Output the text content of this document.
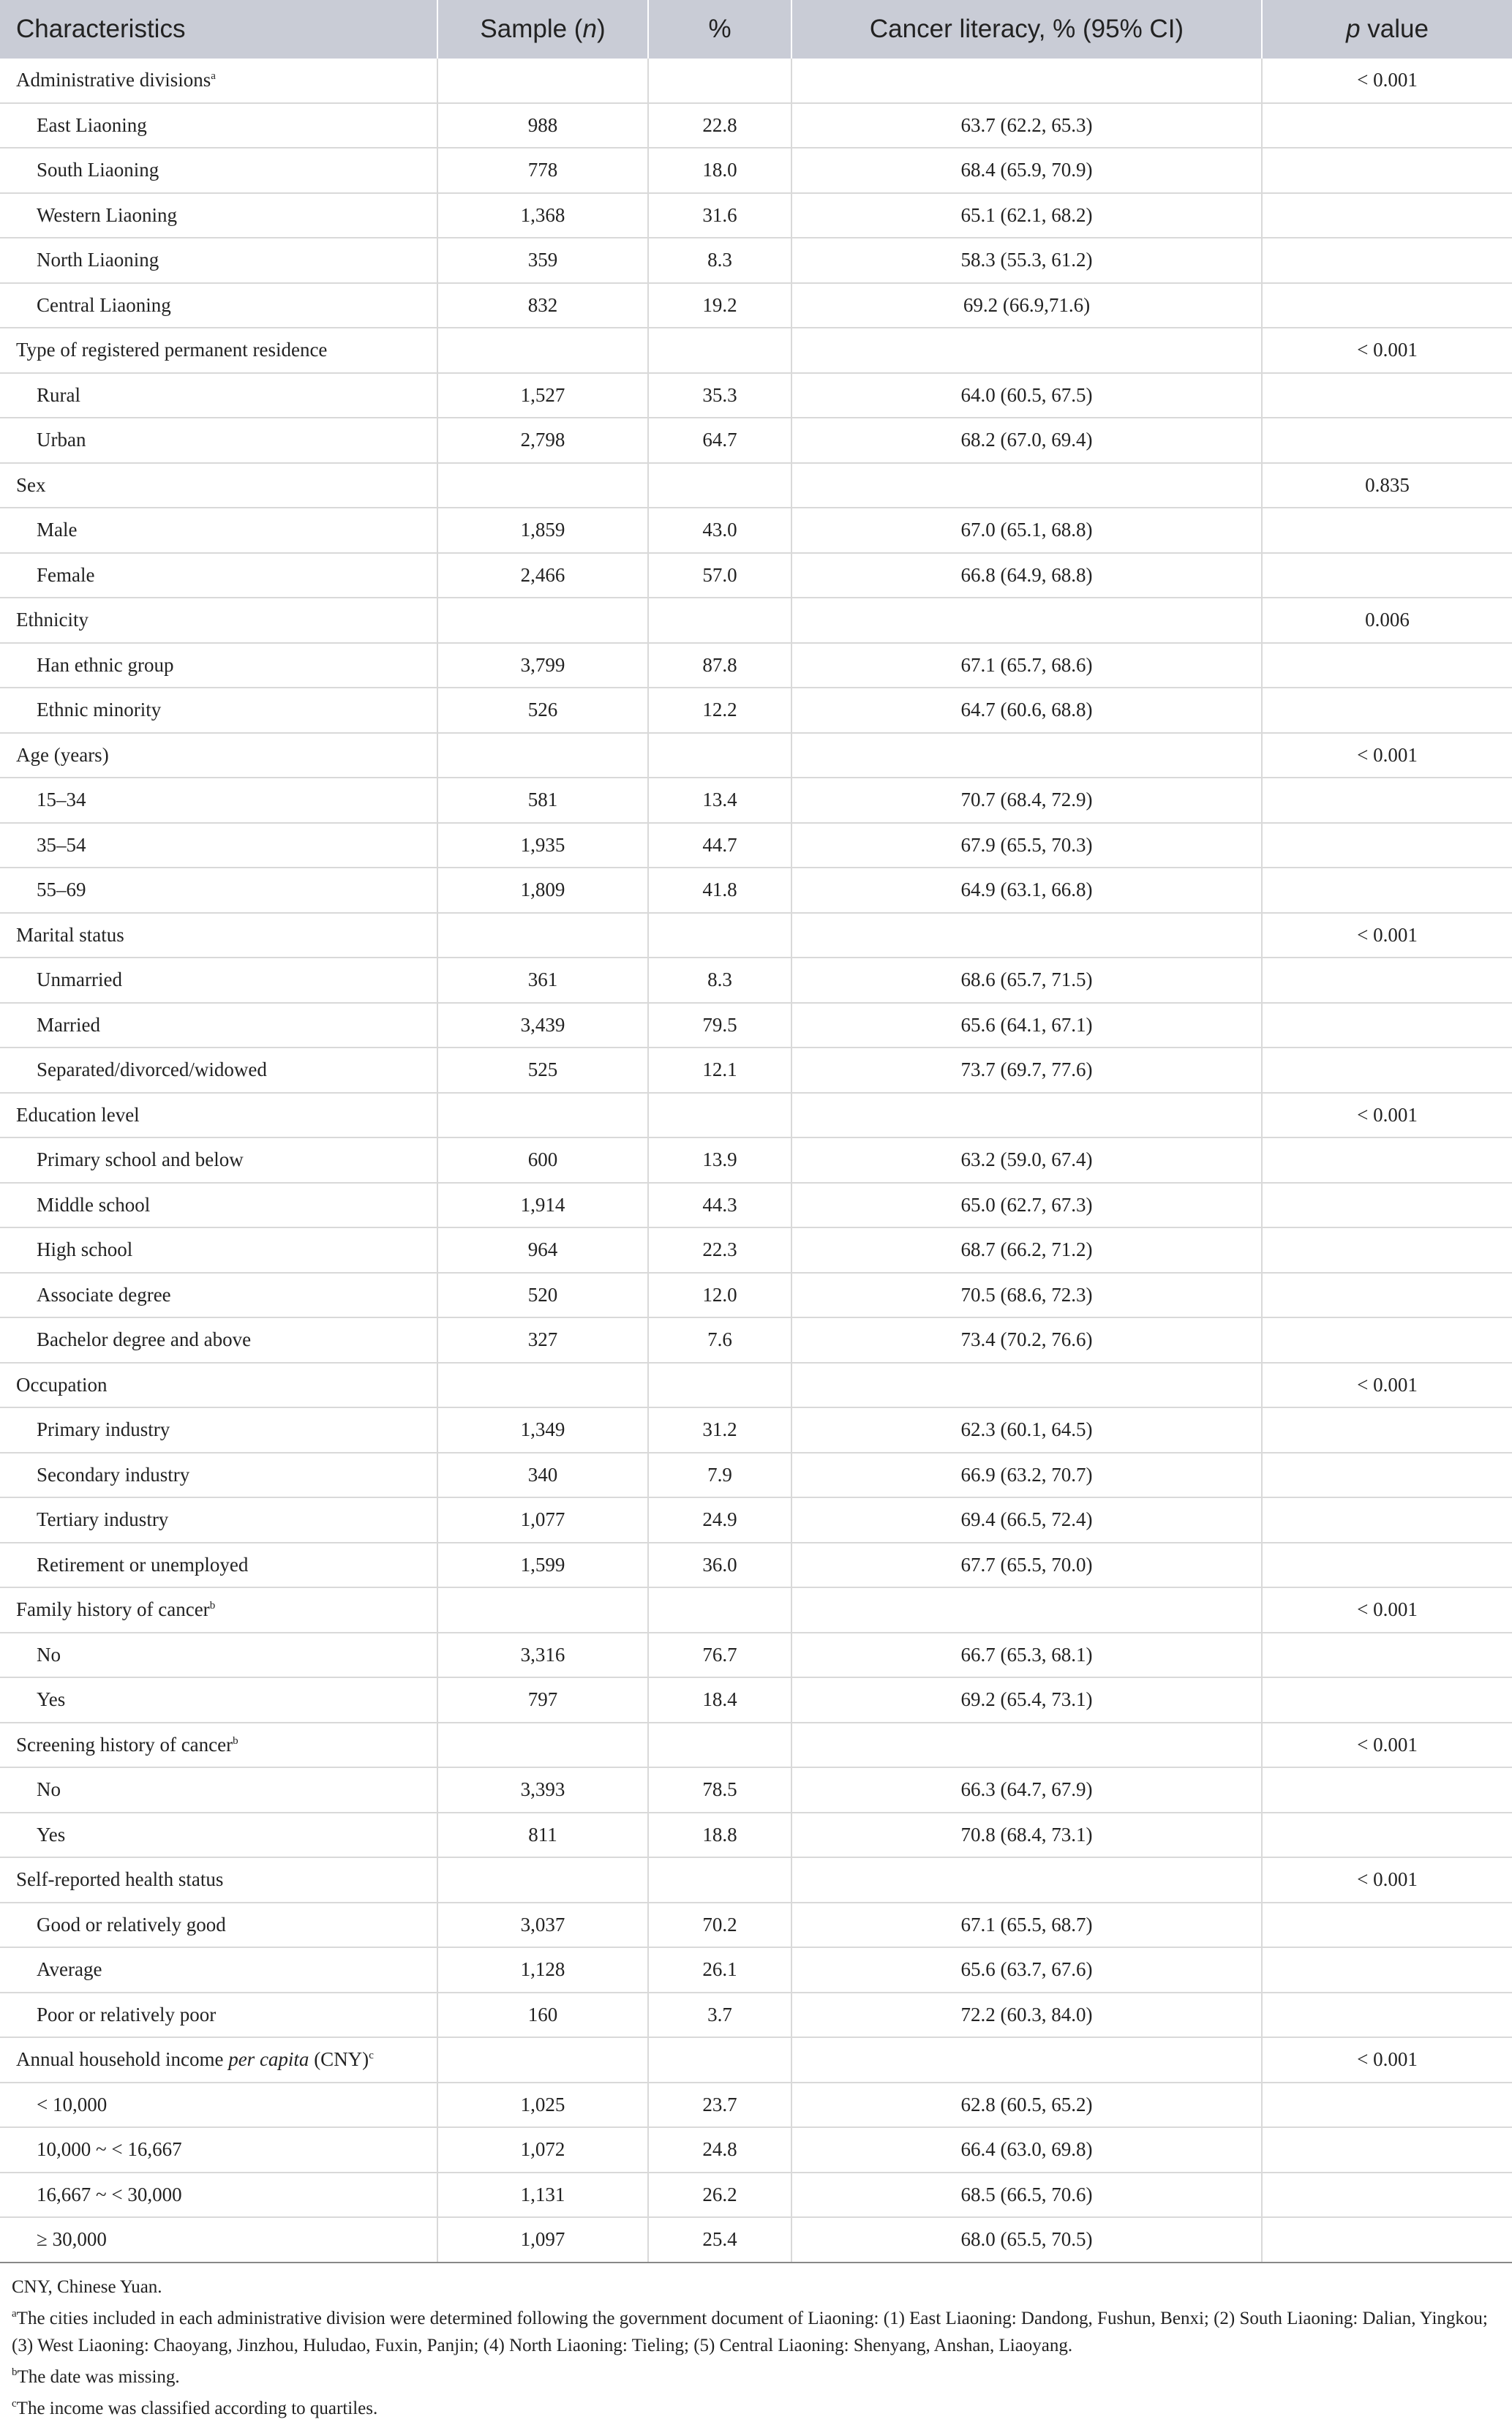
Characteristics	Sample (n)	%	Cancer literacy, % (95% CI)	p value
Administrative divisions$^a$				< 0.001
East Liaoning	988	22.8	63.7 (62.2, 65.3)	
South Liaoning	778	18.0	68.4 (65.9, 70.9)	
Western Liaoning	1,368	31.6	65.1 (62.1, 68.2)	
North Liaoning	359	8.3	58.3 (55.3, 61.2)	
Central Liaoning	832	19.2	69.2 (66.9,71.6)	
Type of registered permanent residence				< 0.001
Rural	1,527	35.3	64.0 (60.5, 67.5)	
Urban	2,798	64.7	68.2 (67.0, 69.4)	
Sex				0.835
Male	1,859	43.0	67.0 (65.1, 68.8)	
Female	2,466	57.0	66.8 (64.9, 68.8)	
Ethnicity				0.006
Han ethnic group	3,799	87.8	67.1 (65.7, 68.6)	
Ethnic minority	526	12.2	64.7 (60.6, 68.8)	
Age (years)				< 0.001
15–34	581	13.4	70.7 (68.4, 72.9)	
35–54	1,935	44.7	67.9 (65.5, 70.3)	
55–69	1,809	41.8	64.9 (63.1, 66.8)	
Marital status				< 0.001
Unmarried	361	8.3	68.6 (65.7, 71.5)	
Married	3,439	79.5	65.6 (64.1, 67.1)	
Separated/divorced/widowed	525	12.1	73.7 (69.7, 77.6)	
Education level				< 0.001
Primary school and below	600	13.9	63.2 (59.0, 67.4)	
Middle school	1,914	44.3	65.0 (62.7, 67.3)	
High school	964	22.3	68.7 (66.2, 71.2)	
Associate degree	520	12.0	70.5 (68.6, 72.3)	
Bachelor degree and above	327	7.6	73.4 (70.2, 76.6)	
Occupation				< 0.001
Primary industry	1,349	31.2	62.3 (60.1, 64.5)	
Secondary industry	340	7.9	66.9 (63.2, 70.7)	
Tertiary industry	1,077	24.9	69.4 (66.5, 72.4)	
Retirement or unemployed	1,599	36.0	67.7 (65.5, 70.0)	
Family history of cancer$^b$				< 0.001
No	3,316	76.7	66.7 (65.3, 68.1)	
Yes	797	18.4	69.2 (65.4, 73.1)	
Screening history of cancer$^b$				< 0.001
No	3,393	78.5	66.3 (64.7, 67.9)	
Yes	811	18.8	70.8 (68.4, 73.1)	
Self-reported health status				< 0.001
Good or relatively good	3,037	70.2	67.1 (65.5, 68.7)	
Average	1,128	26.1	65.6 (63.7, 67.6)	
Poor or relatively poor	160	3.7	72.2 (60.3, 84.0)	
Annual household income per capita (CNY)$^c$				< 0.001
< 10,000	1,025	23.7	62.8 (60.5, 65.2)	
10,000 ~ < 16,667	1,072	24.8	66.4 (63.0, 69.8)	
16,667 ~ < 30,000	1,131	26.2	68.5 (66.5, 70.6)	
≥ 30,000	1,097	25.4	68.0 (65.5, 70.5)	
CNY, Chinese Yuan.
$^a$The cities included in each administrative division were determined following the government document of Liaoning: (1) East Liaoning: Dandong, Fushun, Benxi; (2) South Liaoning: Dalian, Yingkou; (3) West Liaoning: Chaoyang, Jinzhou, Huludao, Fuxin, Panjin; (4) North Liaoning: Tieling; (5) Central Liaoning: Shenyang, Anshan, Liaoyang.
$^b$The date was missing.
$^c$The income was classified according to quartiles.
